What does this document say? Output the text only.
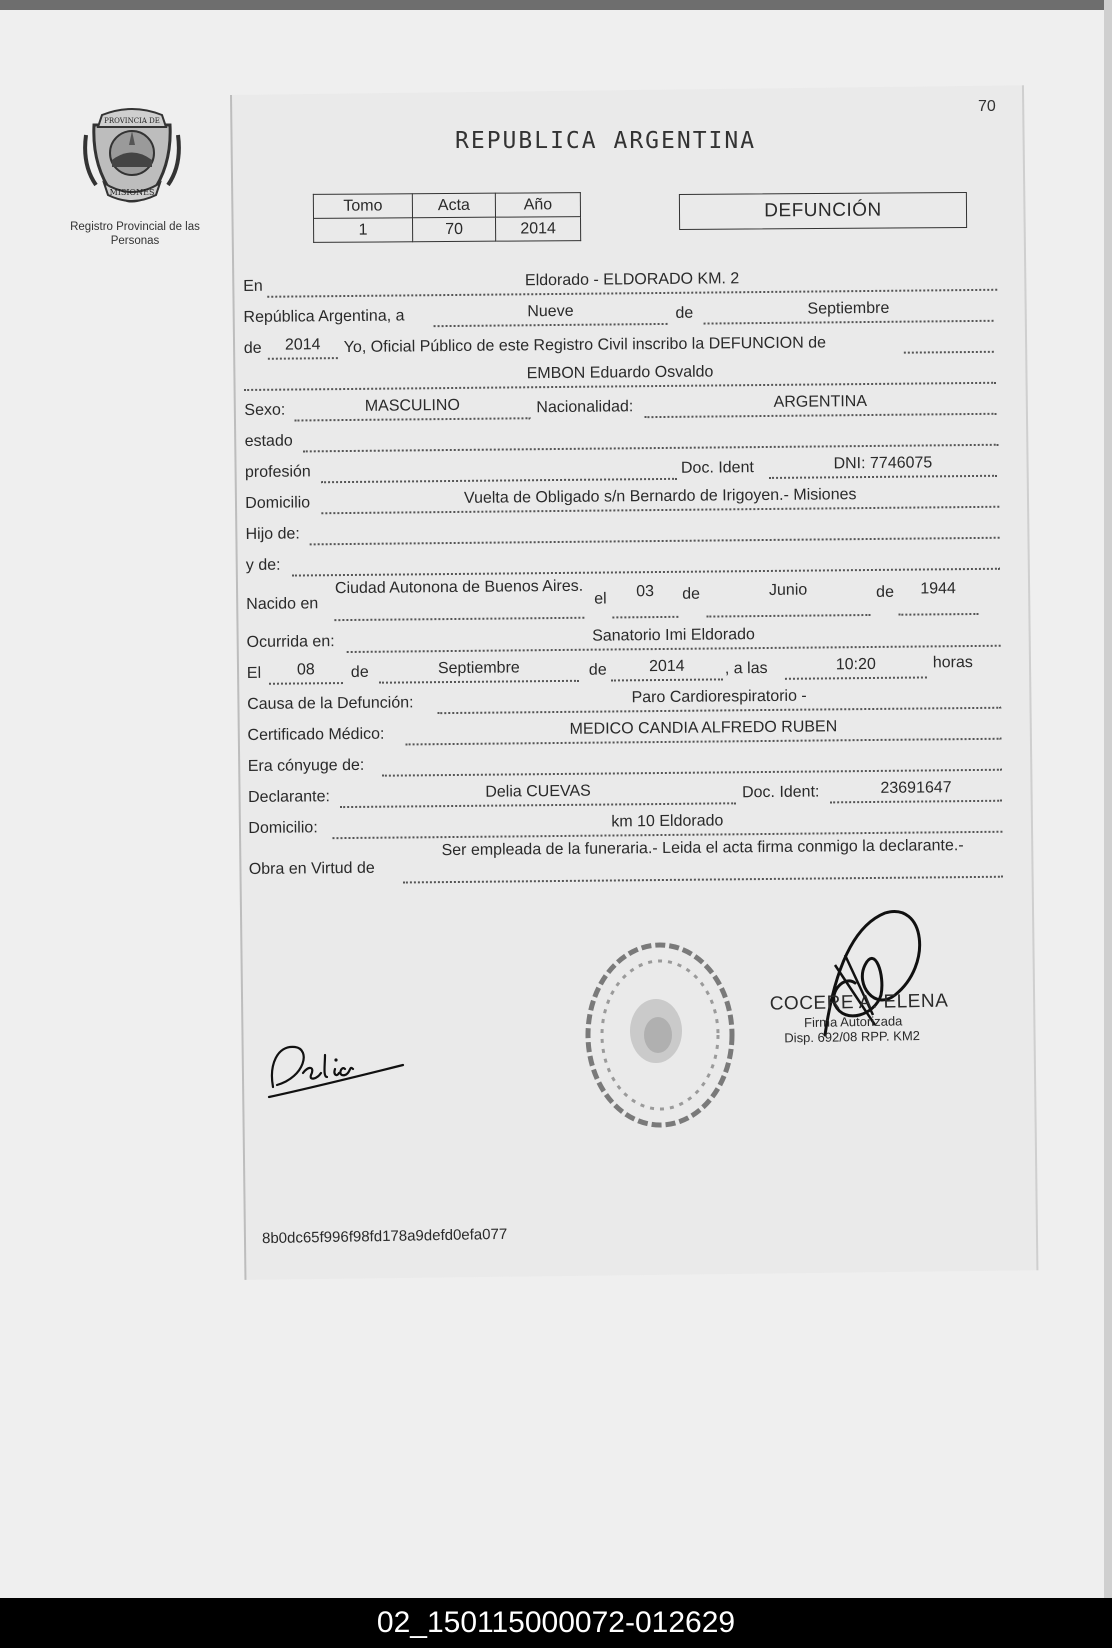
PROVINCIA DE
MISIONES
Registro Provincial de las Personas
70
REPUBLICA ARGENTINA
Tomo	Acta	Año
1	70	2014
DEFUNCIÓN
En	Eldorado - ELDORADO KM. 2
República Argentina, a	Nueve	de	Septiembre
de	2014	Yo, Oficial Público de este Registro Civil inscribo la DEFUNCION de
EMBON Eduardo Osvaldo
Sexo:	MASCULINO	Nacionalidad:	ARGENTINA
estado
profesión	Doc. Ident	DNI: 7746075
Domicilio	Vuelta de Obligado s/n Bernardo de Irigoyen.- Misiones
Hijo de:
y de:
Nacido en
Ciudad Autonona de Buenos Aires.
el	03	de	Junio	de	1944
Ocurrida en:	Sanatorio Imi Eldorado
El	08	de	Septiembre	de	2014	, a las	10:20	horas
Causa de la Defunción:	Paro Cardiorespiratorio -
Certificado Médico:	MEDICO CANDIA ALFREDO RUBEN
Era cónyuge de:
Declarante:	Delia CUEVAS	Doc. Ident:	23691647
Domicilio:	km 10 Eldorado
Obra en Virtud de
Ser empleada de la funeraria.- Leida el acta firma conmigo la declarante.-
COCERE A. ELENA
Firma Autorizada
Disp. 692/08 RPP. KM2
8b0dc65f996f98fd178a9defd0efa077
02_150115000072-012629
